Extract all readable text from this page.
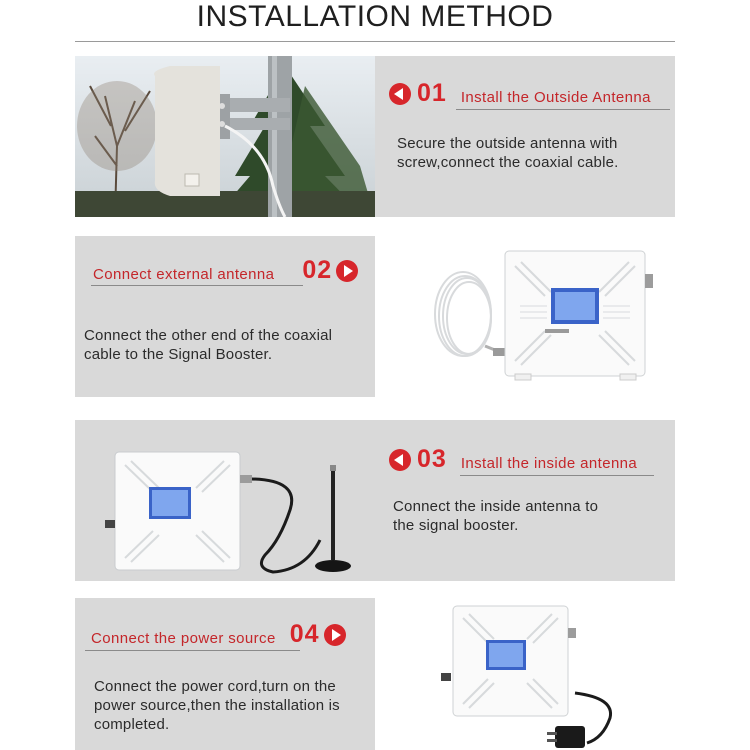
INSTALLATION METHOD
01 Install the Outside Antenna
Secure the outside antenna with
screw,connect the coaxial cable.
Connect external antenna 02
Connect the other end of the coaxial
cable to the Signal Booster.
03 Install the inside antenna
Connect the inside antenna to
the signal booster.
Connect the power source 04
Connect the power cord,turn on the
power source,then the installation is
completed.
